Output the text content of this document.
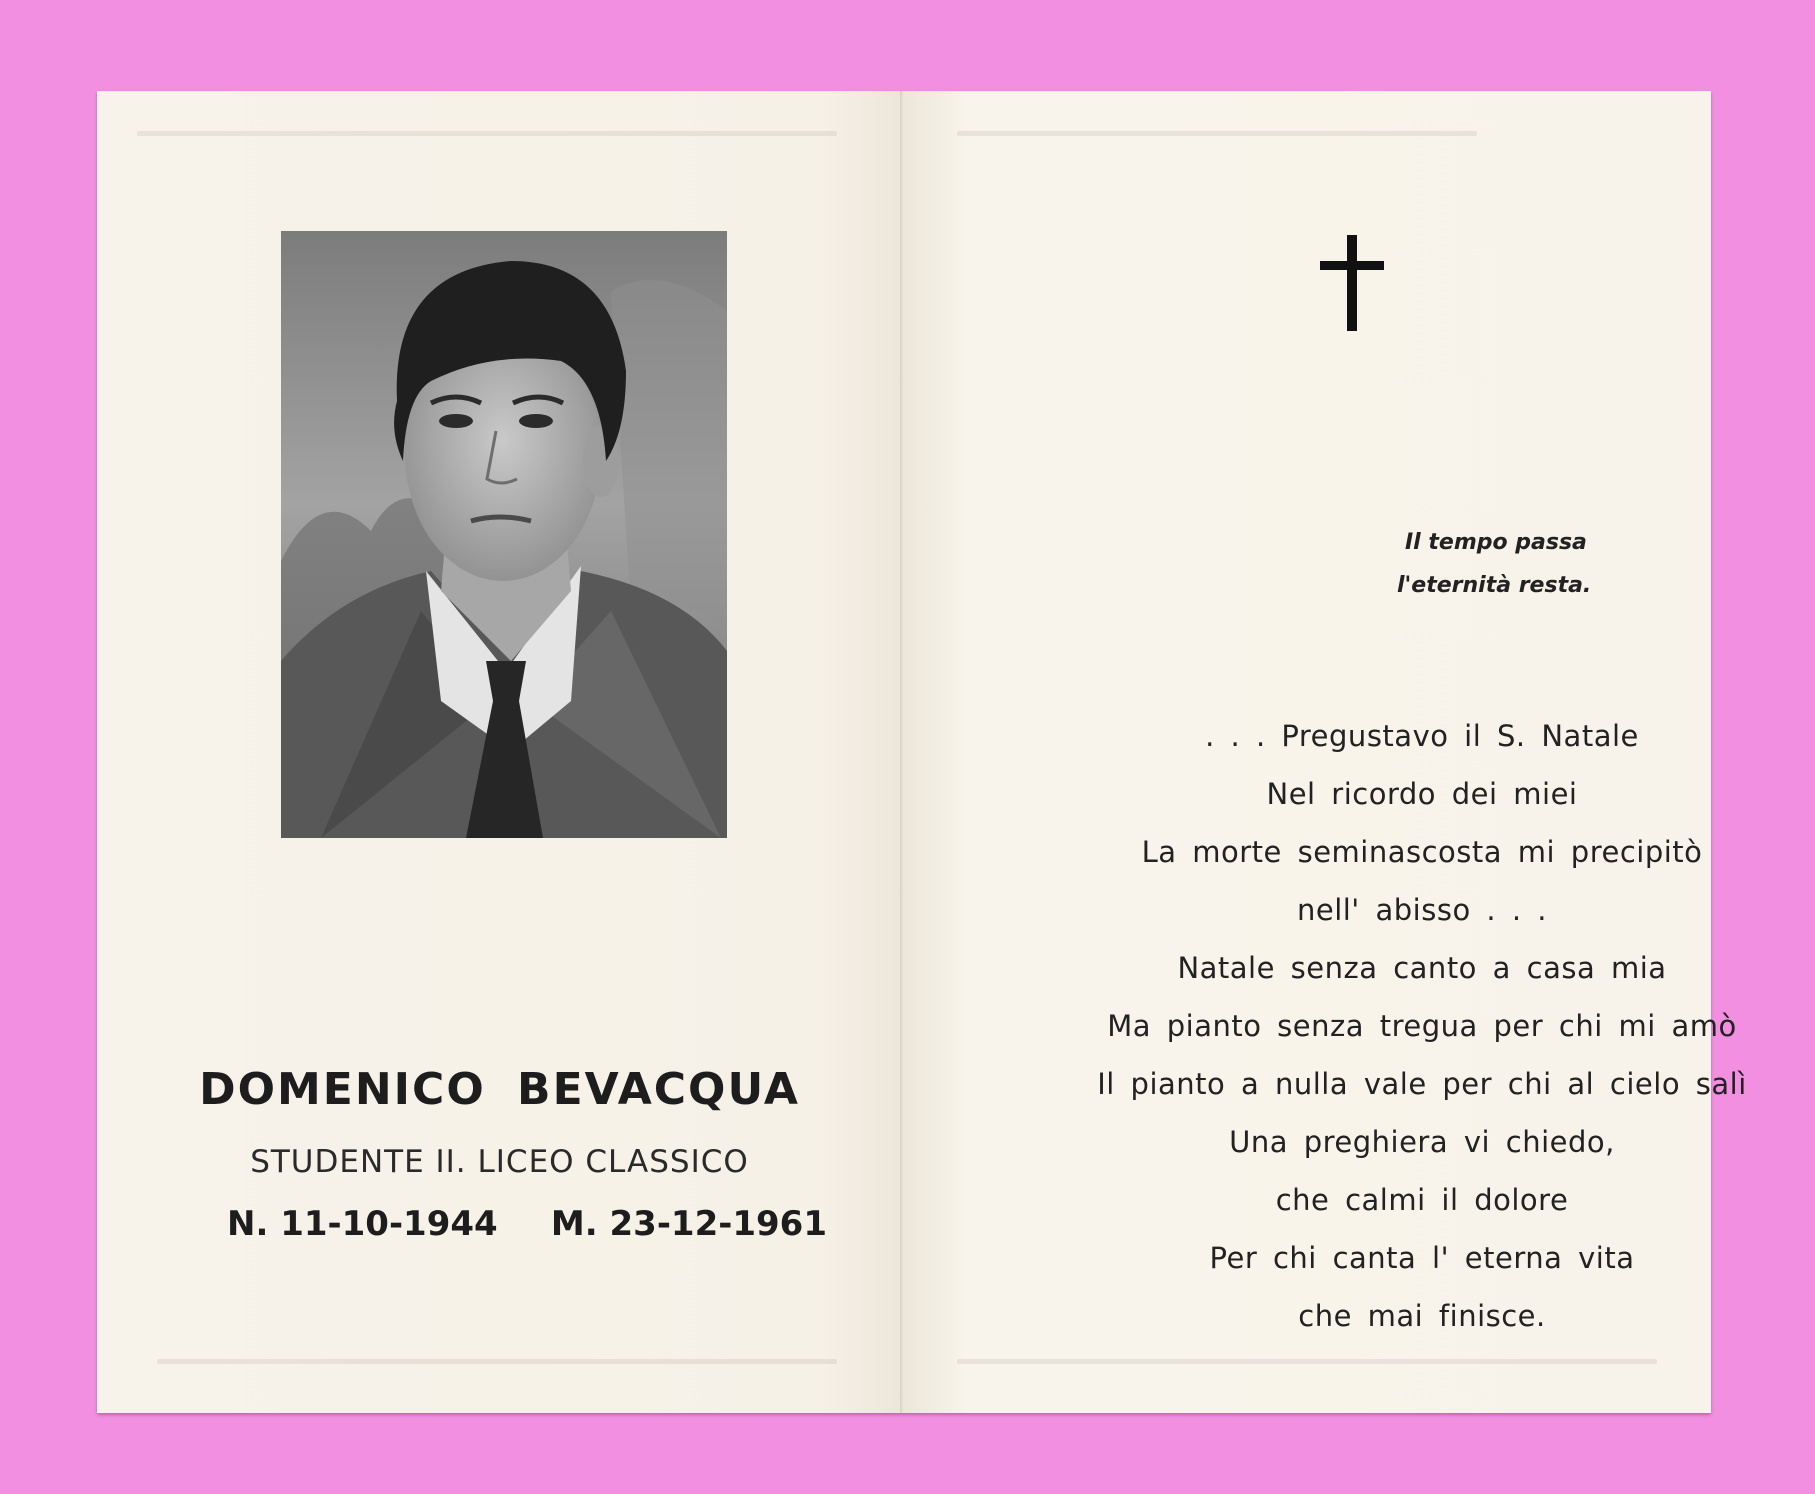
DOMENICO BEVACQUA
STUDENTE II. LICEO CLASSICO
N. 11-10-1944 M. 23-12-1961
Il tempo passa
l'eternità resta.
. . . Pregustavo il S. Natale
Nel ricordo dei miei
La morte seminascosta mi precipitò
nell' abisso . . .
Natale senza canto a casa mia
Ma pianto senza tregua per chi mi amò
Il pianto a nulla vale per chi al cielo salì
Una preghiera vi chiedo,
che calmi il dolore
Per chi canta l' eterna vita
che mai finisce.
